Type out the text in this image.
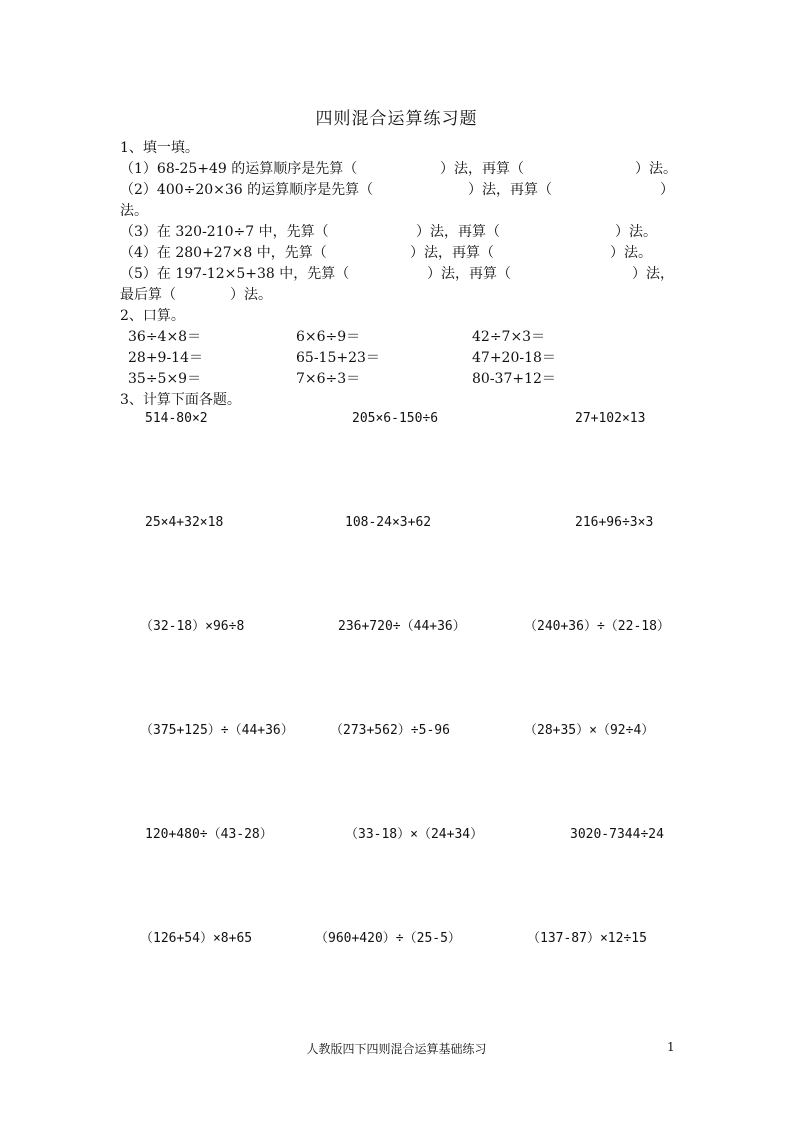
四则混合运算练习题
1、填一填。
（1）68-25+49 的运算顺序是先算（	）法，再算（	）法。
（2）400÷20×36 的运算顺序是先算（	）法，再算（	）
法。
（3）在 320-210÷7 中，先算（	）法，再算（	）法。
（4）在 280+27×8 中，先算（	）法，再算（	）法。
（5）在 197-12×5+38 中，先算（	）法，再算（	）法，
最后算（	）法。
2、口算。
36÷4×8＝	6×6÷9＝	42÷7×3＝
28+9-14＝	65-15+23＝	47+20-18＝
35÷5×9＝	7×6÷3＝	80-37+12＝
3、计算下面各题。
514-80×2	205×6-150÷6	27+102×13
25×4+32×18	108-24×3+62	216+96÷3×3
（32-18）×96÷8	236+720÷（44+36）	（240+36）÷（22-18）
（375+125）÷（44+36）	（273+562）÷5-96	（28+35）×（92÷4）
120+480÷（43-28）	（33-18）×（24+34）	3020-7344÷24
（126+54）×8+65	（960+420）÷（25-5）	（137-87）×12÷15
人教版四下四则混合运算基础练习	1
